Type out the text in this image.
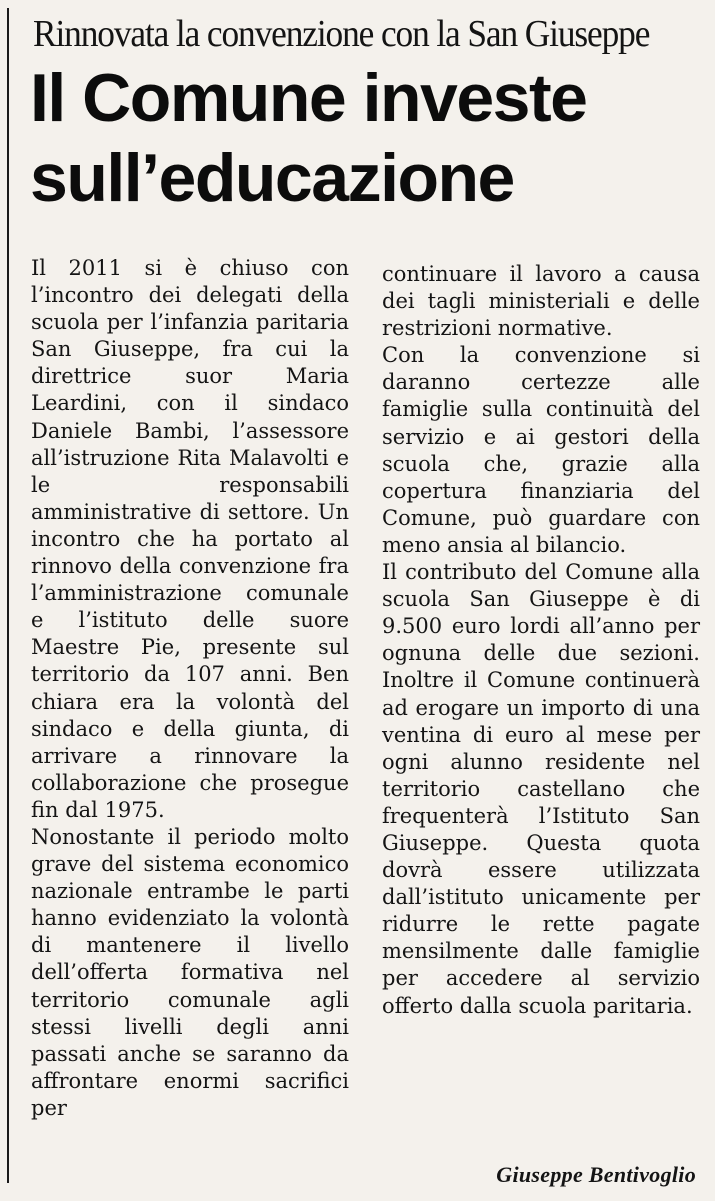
Rinnovata la convenzione con la San Giuseppe
Il Comune investe
sull’educazione

Il 2011 si è chiuso con l’incontro dei delegati della scuola per l’infanzia paritaria San Giuseppe, fra cui la direttrice suor Maria Leardini, con il sindaco Daniele Bambi, l’assessore all’istruzione Rita Malavolti e le responsabili amministrative di settore. Un incontro che ha portato al rinnovo della convenzione fra l’amministrazione comunale e l’istituto delle suore Maestre Pie, presente sul territorio da 107 anni. Ben chiara era la volontà del sindaco e della giunta, di arrivare a rinnovare la collaborazione che prosegue fin dal 1975.

Nonostante il periodo molto grave del sistema economico nazionale entrambe le parti hanno evidenziato la volontà di mantenere il livello dell’offerta formativa nel territorio comunale agli stessi livelli degli anni passati anche se saranno da affrontare enormi sacrifici per

continuare il lavoro a causa dei tagli ministeriali e delle restrizioni normative.

Con la convenzione si daranno certezze alle famiglie sulla continuità del servizio e ai gestori della scuola che, grazie alla copertura finanziaria del Comune, può guardare con meno ansia al bilancio.

Il contributo del Comune alla scuola San Giuseppe è di 9.500 euro lordi all’anno per ognuna delle due sezioni. Inoltre il Comune continuerà ad erogare un importo di una ventina di euro al mese per ogni alunno residente nel territorio castellano che frequenterà l’Istituto San Giuseppe. Questa quota dovrà essere utilizzata dall’istituto unicamente per ridurre le rette pagate mensilmente dalle famiglie per accedere al servizio offerto dalla scuola paritaria.

Giuseppe Bentivoglio
